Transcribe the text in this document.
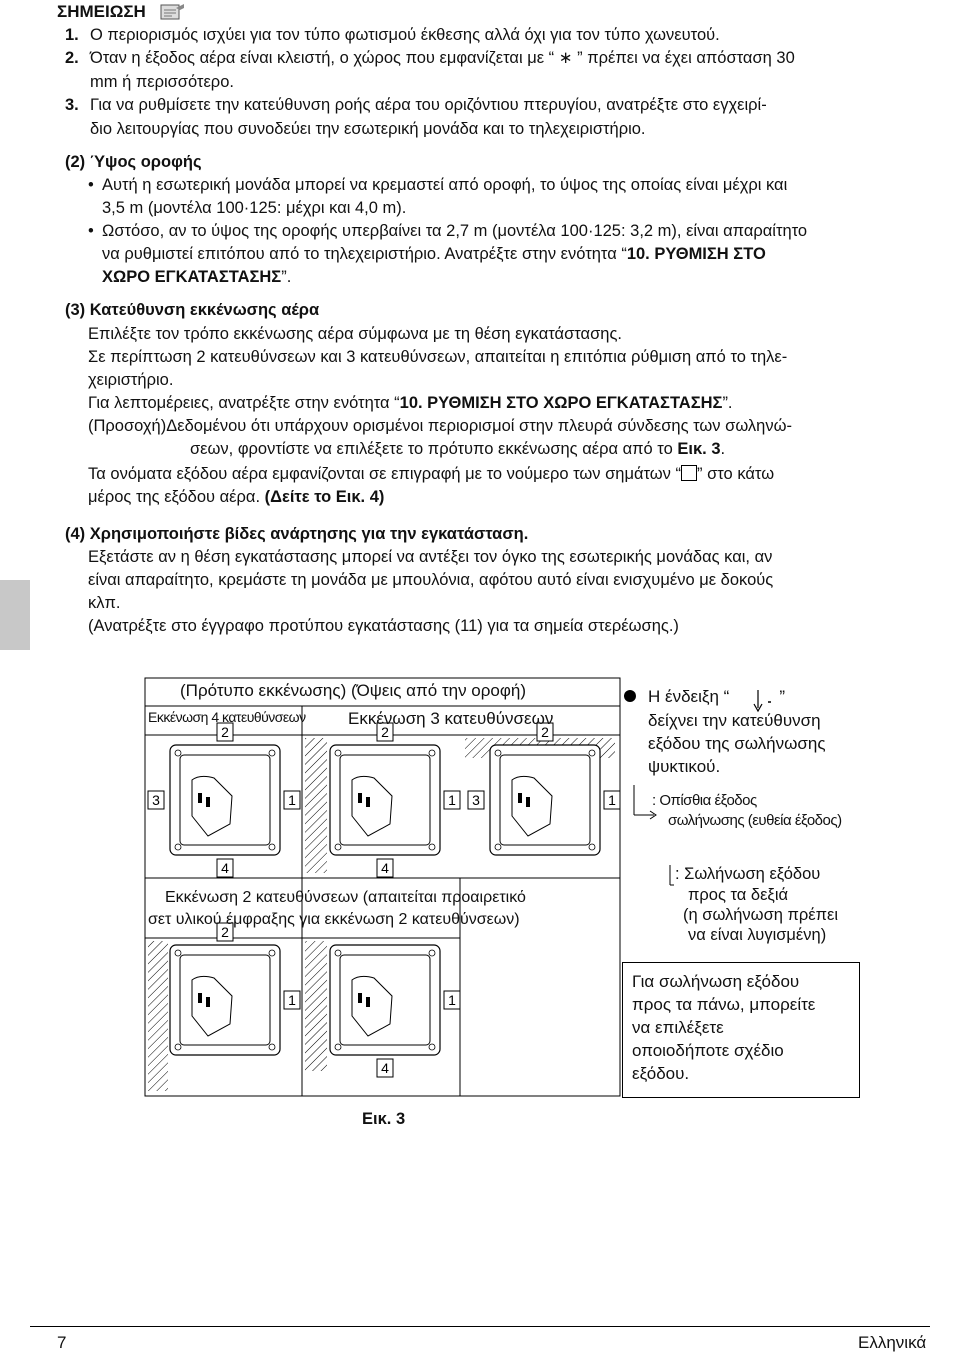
ΣΗΜΕΙΩΣΗ
1. Ο περιορισμός ισχύει για τον τύπο φωτισμού έκθεσης αλλά όχι για τον τύπο χωνευτού.
2. Όταν η έξοδος αέρα είναι κλειστή, ο χώρος που εμφανίζεται με “ ∗ ” πρέπει να έχει απόσταση 30
mm ή περισσότερο.
3. Για να ρυθμίσετε την κατεύθυνση ροής αέρα του οριζόντιου πτερυγίου, ανατρέξτε στο εγχειρί-
διο λειτουργίας που συνοδεύει την εσωτερική μονάδα και το τηλεχειριστήριο.
(2) Ύψος οροφής
• Αυτή η εσωτερική μονάδα μπορεί να κρεμαστεί από οροφή, το ύψος της οποίας είναι μέχρι και
3,5 m (μοντέλα 100·125: μέχρι και 4,0 m).
• Ωστόσο, αν το ύψος της οροφής υπερβαίνει τα 2,7 m (μοντέλα 100·125: 3,2 m), είναι απαραίτητο
να ρυθμιστεί επιτόπου από το τηλεχειριστήριο. Ανατρέξτε στην ενότητα “10. ΡΥΘΜΙΣΗ ΣΤΟ
ΧΩΡΟ ΕΓΚΑΤΑΣΤΑΣΗΣ”.
(3) Κατεύθυνση εκκένωσης αέρα
Επιλέξτε τον τρόπο εκκένωσης αέρα σύμφωνα με τη θέση εγκατάστασης.
Σε περίπτωση 2 κατευθύνσεων και 3 κατευθύνσεων, απαιτείται η επιτόπια ρύθμιση από το τηλε-
χειριστήριο.
Για λεπτομέρειες, ανατρέξτε στην ενότητα “10. ΡΥΘΜΙΣΗ ΣΤΟ ΧΩΡΟ ΕΓΚΑΤΑΣΤΑΣΗΣ”.
(Προσοχή)Δεδομένου ότι υπάρχουν ορισμένοι περιορισμοί στην πλευρά σύνδεσης των σωληνώ-
σεων, φροντίστε να επιλέξετε το πρότυπο εκκένωσης αέρα από το Εικ. 3.
Τα ονόματα εξόδου αέρα εμφανίζονται σε επιγραφή με το νούμερο των σημάτων “ ” στο κάτω
μέρος της εξόδου αέρα. (Δείτε το Εικ. 4)
(4) Χρησιμοποιήστε βίδες ανάρτησης για την εγκατάσταση.
Εξετάστε αν η θέση εγκατάστασης μπορεί να αντέξει τον όγκο της εσωτερικής μονάδας και, αν
είναι απαραίτητο, κρεμάστε τη μονάδα με μπουλόνια, αφότου αυτό είναι ενισχυμένο με δοκούς
κλπ.
(Ανατρέξτε στο έγγραφο προτύπου εγκατάστασης (11) για τα σημεία στερέωσης.)
2
1
4
3
2
1
4
2
1
3
2
1	1
4
(Πρότυπο εκκένωσης) (Όψεις από την οροφή)
Εκκένωση 4 κατευθύνσεων Εκκένωση 3 κατευθύνσεων
Εκκένωση 2 κατευθύνσεων (απαιτείται προαιρετικό
σετ υλικού έμφραξης για εκκένωση 2 κατευθύνσεων)
Εικ. 3
Η ένδειξη “	”
δείχνει την κατεύθυνση
εξόδου της σωλήνωσης
ψυκτικού.
: Οπίσθια έξοδος
σωλήνωσης (ευθεία έξοδος)
: Σωλήνωση εξόδου
προς τα δεξιά
(η σωλήνωση πρέπει
να είναι λυγισμένη)
Για σωλήνωση εξόδου
προς τα πάνω, μπορείτε
να επιλέξετε
οποιοδήποτε σχέδιο
εξόδου.
7	Ελληνικά
